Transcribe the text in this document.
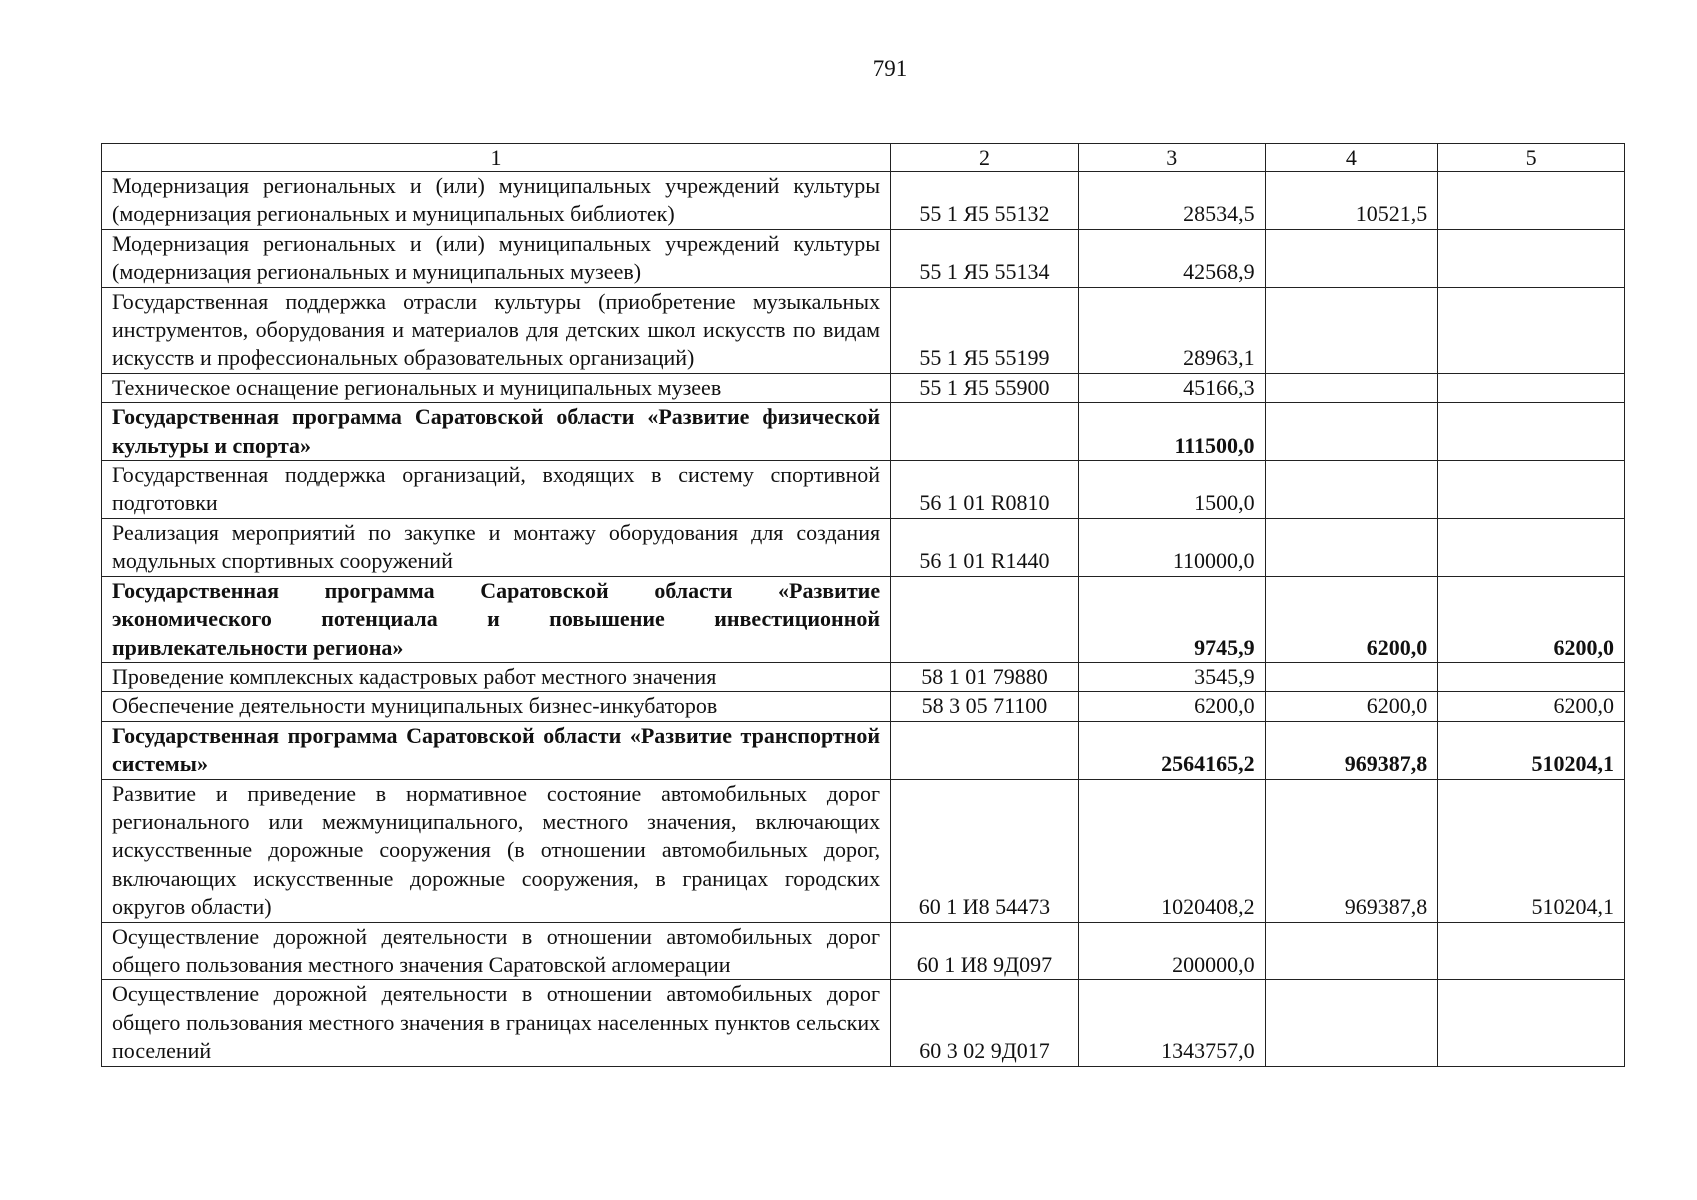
791
1	2	3	4	5
Модернизация региональных и (или) муниципальных учреждений культуры (модернизация региональных и муниципальных библиотек)	55 1 Я5 55132	28534,5	10521,5	
Модернизация региональных и (или) муниципальных учреждений культуры (модернизация региональных и муниципальных музеев)	55 1 Я5 55134	42568,9		
Государственная поддержка отрасли культуры (приобретение музыкальных инструментов, оборудования и материалов для детских школ искусств по видам искусств и профессиональных образовательных организаций)	55 1 Я5 55199	28963,1		
Техническое оснащение региональных и муниципальных музеев	55 1 Я5 55900	45166,3		
Государственная программа Саратовской области «Развитие физической культуры и спорта»		111500,0		
Государственная поддержка организаций, входящих в систему спортивной подготовки	56 1 01 R0810	1500,0		
Реализация мероприятий по закупке и монтажу оборудования для создания модульных спортивных сооружений	56 1 01 R1440	110000,0		
Государственная программа Саратовской области «Развитие экономического потенциала и повышение инвестиционной привлекательности региона»		9745,9	6200,0	6200,0
Проведение комплексных кадастровых работ местного значения	58 1 01 79880	3545,9		
Обеспечение деятельности муниципальных бизнес-инкубаторов	58 3 05 71100	6200,0	6200,0	6200,0
Государственная программа Саратовской области «Развитие транспортной системы»		2564165,2	969387,8	510204,1
Развитие и приведение в нормативное состояние автомобильных дорог регионального или межмуниципального, местного значения, включающих искусственные дорожные сооружения (в отношении автомобильных дорог, включающих искусственные дорожные сооружения, в границах городских округов области)	60 1 И8 54473	1020408,2	969387,8	510204,1
Осуществление дорожной деятельности в отношении автомобильных дорог общего пользования местного значения Саратовской агломерации	60 1 И8 9Д097	200000,0		
Осуществление дорожной деятельности в отношении автомобильных дорог общего пользования местного значения в границах населенных пунктов сельских поселений	60 3 02 9Д017	1343757,0		
